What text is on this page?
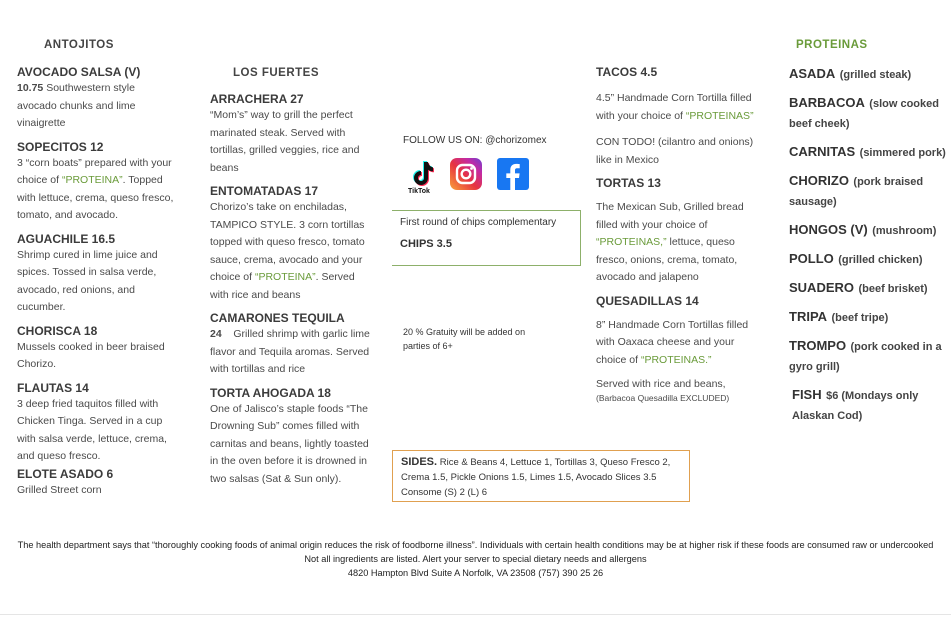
ANTOJITOS
LOS FUERTES
PROTEINAS
AVOCADO SALSA (V)
10.75 Southwestern style avocado chunks and lime vinaigrette
SOPECITOS 12
3 “corn boats” prepared with your choice of “PROTEINA”. Topped with lettuce, crema, queso fresco, tomato, and avocado.
AGUACHILE 16.5
Shrimp cured in lime juice and spices. Tossed in salsa verde, avocado, red onions, and cucumber.
CHORISCA 18
Mussels cooked in beer braised Chorizo.
FLAUTAS 14
3 deep fried taquitos filled with Chicken Tinga. Served in a cup with salsa verde, lettuce, crema, and queso fresco.
ELOTE ASADO 6
Grilled Street corn
ARRACHERA 27
“Mom’s” way to grill the perfect marinated steak. Served with tortillas, grilled veggies, rice and beans
ENTOMATADAS 17
Chorizo’s take on enchiladas, TAMPICO STYLE. 3 corn tortillas topped with queso fresco, tomato sauce, crema, avocado and your choice of “PROTEINA”. Served with rice and beans
CAMARONES TEQUILA
24 Grilled shrimp with garlic lime flavor and Tequila aromas. Served with tortillas and rice
TORTA AHOGADA 18
One of Jalisco’s staple foods “The Drowning Sub” comes filled with carnitas and beans, lightly toasted in the oven before it is drowned in two salsas (Sat & Sun only).
FOLLOW US ON: @chorizomex
TikTok
First round of chips complementary
CHIPS 3.5
20 % Gratuity will be added on parties of 6+
SIDES. Rice & Beans 4, Lettuce 1, Tortillas 3, Queso Fresco 2, Crema 1.5, Pickle Onions 1.5, Limes 1.5, Avocado Slices 3.5 Consome (S) 2 (L) 6
TACOS 4.5
4.5” Handmade Corn Tortilla filled with your choice of “PROTEINAS”
CON TODO! (cilantro and onions) like in Mexico
TORTAS 13
The Mexican Sub, Grilled bread filled with your choice of “PROTEINAS,” lettuce, queso fresco, onions, crema, tomato, avocado and jalapeno
QUESADILLAS 14
8” Handmade Corn Tortillas filled with Oaxaca cheese and your choice of “PROTEINAS.”
Served with rice and beans,
(Barbacoa Quesadilla EXCLUDED)
ASADA (grilled steak)
BARBACOA (slow cooked beef cheek)
CARNITAS (simmered pork)
CHORIZO (pork braised sausage)
HONGOS (V) (mushroom)
POLLO (grilled chicken)
SUADERO (beef brisket)
TRIPA (beef tripe)
TROMPO (pork cooked in a gyro grill)
FISH $6 (Mondays only Alaskan Cod)
The health department says that “thoroughly cooking foods of animal origin reduces the risk of foodborne illness”. Individuals with certain health conditions may be at higher risk if these foods are consumed raw or undercooked Not all ingredients are listed. Alert your server to special dietary needs and allergens
4820 Hampton Blvd Suite A Norfolk, VA 23508 (757) 390 25 26
